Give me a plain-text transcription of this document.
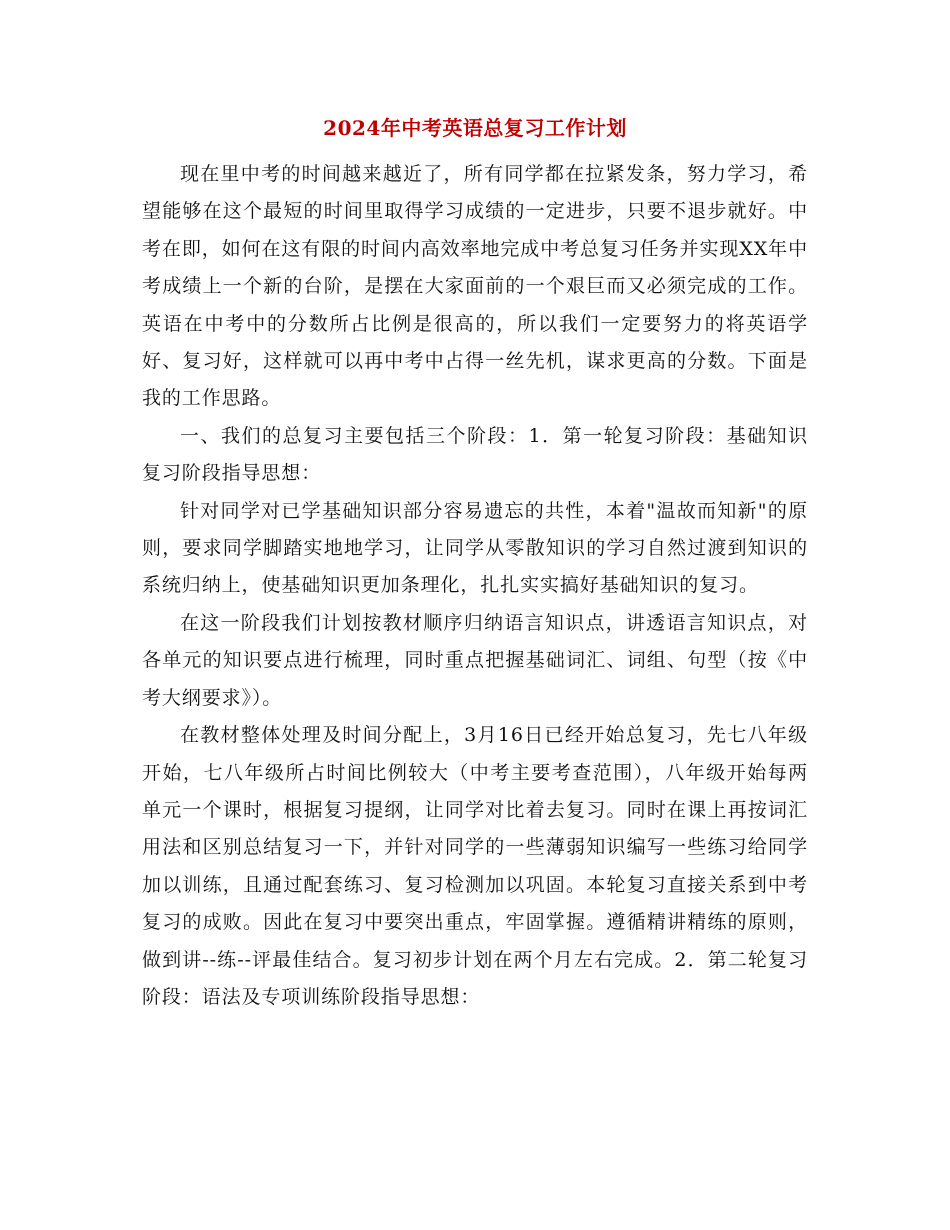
2024年中考英语总复习工作计划

现在里中考的时间越来越近了，所有同学都在拉紧发条，努力学习，希望能够在这个最短的时间里取得学习成绩的一定进步，只要不退步就好。中考在即，如何在这有限的时间内高效率地完成中考总复习任务并实现XX年中考成绩上一个新的台阶，是摆在大家面前的一个艰巨而又必须完成的工作。英语在中考中的分数所占比例是很高的，所以我们一定要努力的将英语学好、复习好，这样就可以再中考中占得一丝先机，谋求更高的分数。下面是我的工作思路。

一、我们的总复习主要包括三个阶段：1．第一轮复习阶段：基础知识复习阶段指导思想：

针对同学对已学基础知识部分容易遗忘的共性，本着"温故而知新"的原则，要求同学脚踏实地地学习，让同学从零散知识的学习自然过渡到知识的系统归纳上，使基础知识更加条理化，扎扎实实搞好基础知识的复习。

在这一阶段我们计划按教材顺序归纳语言知识点，讲透语言知识点，对各单元的知识要点进行梳理，同时重点把握基础词汇、词组、句型（按《中考大纲要求》）。

在教材整体处理及时间分配上，3月16日已经开始总复习，先七八年级开始，七八年级所占时间比例较大（中考主要考查范围），八年级开始每两单元一个课时，根据复习提纲，让同学对比着去复习。同时在课上再按词汇用法和区别总结复习一下，并针对同学的一些薄弱知识编写一些练习给同学加以训练，且通过配套练习、复习检测加以巩固。本轮复习直接关系到中考复习的成败。因此在复习中要突出重点，牢固掌握。遵循精讲精练的原则，做到讲--练--评最佳结合。复习初步计划在两个月左右完成。2．第二轮复习阶段：语法及专项训练阶段指导思想：
